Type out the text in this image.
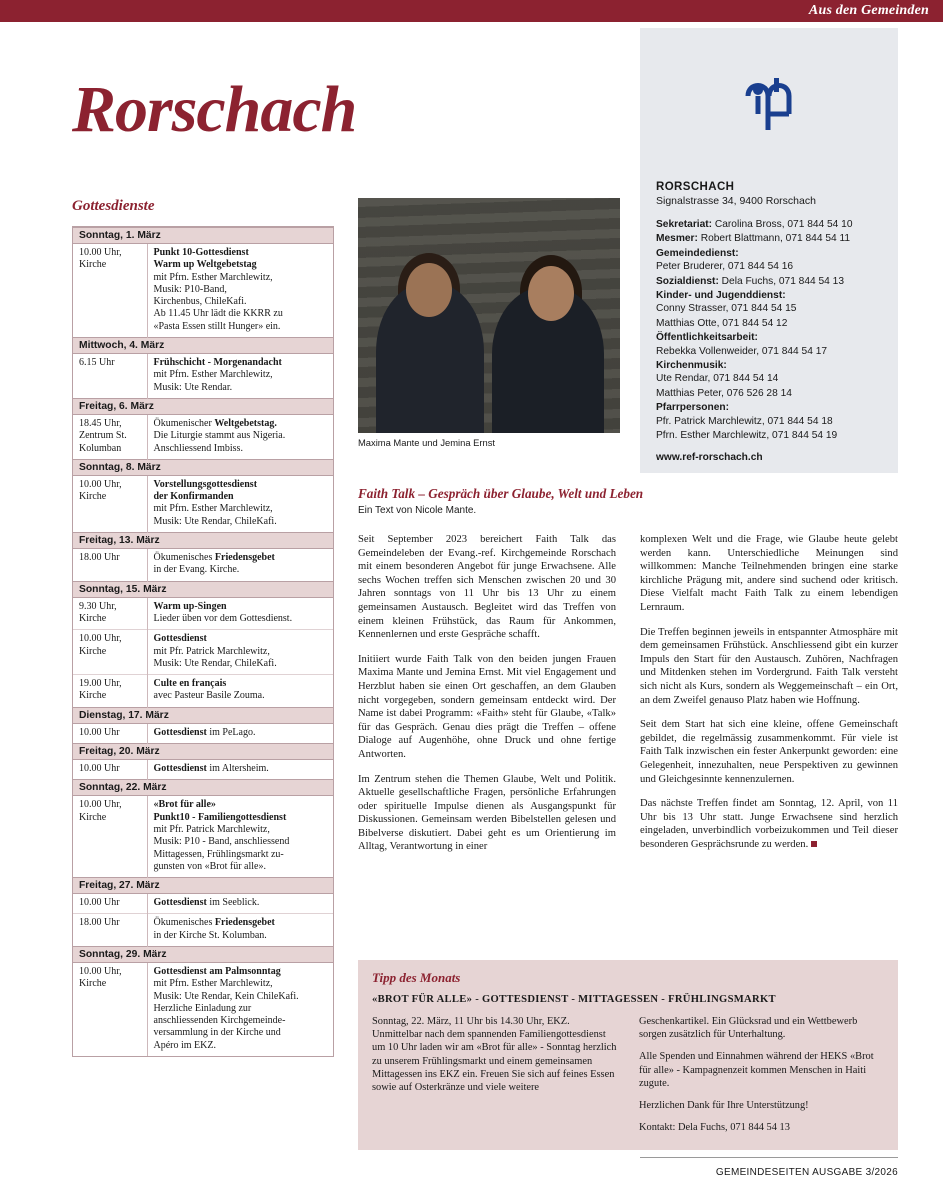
Aus den Gemeinden
Rorschach
RORSCHACH
Signalstrasse 34, 9400 Rorschach
Sekretariat: Carolina Bross, 071 844 54 10
Mesmer: Robert Blattmann, 071 844 54 11
Gemeindedienst:
Peter Bruderer, 071 844 54 16
Sozialdienst: Dela Fuchs, 071 844 54 13
Kinder- und Jugenddienst:
Conny Strasser, 071 844 54 15
Matthias Otte, 071 844 54 12
Öffentlichkeitsarbeit:
Rebekka Vollenweider, 071 844 54 17
Kirchenmusik:
Ute Rendar, 071 844 54 14
Matthias Peter, 076 526 28 14
Pfarrpersonen:
Pfr. Patrick Marchlewitz, 071 844 54 18
Pfrn. Esther Marchlewitz, 071 844 54 19
www.ref-rorschach.ch
Gottesdienste
Sonntag, 1. März	
10.00 Uhr,
Kirche	Punkt 10-Gottesdienst
Warm up Weltgebetstag
mit Pfrn. Esther Marchlewitz,
Musik: P10-Band,
Kirchenbus, ChileKafi.
Ab 11.45 Uhr lädt die KKRR zu
«Pasta Essen stillt Hunger» ein.
Mittwoch, 4. März	
6.15 Uhr	Frühschicht - Morgenandacht
mit Pfrn. Esther Marchlewitz,
Musik: Ute Rendar.
Freitag, 6. März	
18.45 Uhr,
Zentrum St.
Kolumban	Ökumenischer Weltgebetstag.
Die Liturgie stammt aus Nigeria.
Anschliessend Imbiss.
Sonntag, 8. März	
10.00 Uhr,
Kirche	Vorstellungsgottesdienst
der Konfirmanden
mit Pfrn. Esther Marchlewitz,
Musik: Ute Rendar, ChileKafi.
Freitag, 13. März	
18.00 Uhr	Ökumenisches Friedensgebet
in der Evang. Kirche.
Sonntag, 15. März	
9.30 Uhr,
Kirche	Warm up-Singen
Lieder üben vor dem Gottesdienst.
10.00 Uhr,
Kirche	Gottesdienst
mit Pfr. Patrick Marchlewitz,
Musik: Ute Rendar, ChileKafi.
19.00 Uhr,
Kirche	Culte en français
avec Pasteur Basile Zouma.
Dienstag, 17. März	
10.00 Uhr	Gottesdienst im PeLago.
Freitag, 20. März	
10.00 Uhr	Gottesdienst im Altersheim.
Sonntag, 22. März	
10.00 Uhr,
Kirche	«Brot für alle»
Punkt10 - Familiengottesdienst
mit Pfr. Patrick Marchlewitz,
Musik: P10 - Band, anschliessend
Mittagessen, Frühlingsmarkt zu-
gunsten von «Brot für alle».
Freitag, 27. März	
10.00 Uhr	Gottesdienst im Seeblick.
18.00 Uhr	Ökumenisches Friedensgebet
in der Kirche St. Kolumban.
Sonntag, 29. März	
10.00 Uhr,
Kirche	Gottesdienst am Palmsonntag
mit Pfrn. Esther Marchlewitz,
Musik: Ute Rendar, Kein ChileKafi.
Herzliche Einladung zur
anschliessenden Kirchgemeinde-
versammlung in der Kirche und
Apéro im EKZ.
Maxima Mante und Jemina Ernst
Faith Talk – Gespräch über Glaube, Welt und Leben
Ein Text von Nicole Mante.

Seit September 2023 bereichert Faith Talk das Gemeindeleben der Evang.-ref. Kirchgemeinde Rorschach mit einem besonderen Angebot für junge Erwachsene. Alle sechs Wochen treffen sich Menschen zwischen 20 und 30 Jahren sonntags von 11 Uhr bis 13 Uhr zu einem gemeinsamen Austausch. Begleitet wird das Treffen von einem kleinen Frühstück, das Raum für Ankommen, Kennenlernen und erste Gespräche schafft.

Initiiert wurde Faith Talk von den beiden jungen Frauen Maxima Mante und Jemina Ernst. Mit viel Engagement und Herzblut haben sie einen Ort geschaffen, an dem Glauben nicht vorgegeben, sondern gemeinsam entdeckt wird. Der Name ist dabei Programm: «Faith» steht für Glaube, «Talk» für das Gespräch. Genau dies prägt die Treffen – offene Dialoge auf Augenhöhe, ohne Druck und ohne fertige Antworten.

Im Zentrum stehen die Themen Glaube, Welt und Politik. Aktuelle gesellschaftliche Fragen, persönliche Erfahrungen oder spirituelle Impulse dienen als Ausgangspunkt für Diskussionen. Gemeinsam werden Bibelstellen gelesen und Bibelverse diskutiert. Dabei geht es um Orientierung im Alltag, Verantwortung in einer

komplexen Welt und die Frage, wie Glaube heute gelebt werden kann. Unterschiedliche Meinungen sind willkommen: Manche Teilnehmenden bringen eine starke kirchliche Prägung mit, andere sind suchend oder kritisch. Diese Vielfalt macht Faith Talk zu einem lebendigen Lernraum.

Die Treffen beginnen jeweils in entspannter Atmosphäre mit dem gemeinsamen Frühstück. Anschliessend gibt ein kurzer Impuls den Start für den Austausch. Zuhören, Nachfragen und Mitdenken stehen im Vordergrund. Faith Talk versteht sich nicht als Kurs, sondern als Weggemeinschaft – ein Ort, an dem Zweifel genauso Platz haben wie Hoffnung.

Seit dem Start hat sich eine kleine, offene Gemeinschaft gebildet, die regelmässig zusammenkommt. Für viele ist Faith Talk inzwischen ein fester Ankerpunkt geworden: eine Gelegenheit, innezuhalten, neue Perspektiven zu gewinnen und Gleichgesinnte kennenzulernen.

Das nächste Treffen findet am Sonntag, 12. April, von 11 Uhr bis 13 Uhr statt. Junge Erwachsene sind herzlich eingeladen, unverbindlich vorbeizukommen und Teil dieser besonderen Gesprächsrunde zu werden.

Tipp des Monats
«BROT FÜR ALLE» - GOTTESDIENST - MITTAGESSEN - FRÜHLINGSMARKT

Sonntag, 22. März, 11 Uhr bis 14.30 Uhr, EKZ. Unmittelbar nach dem spannenden Familiengottesdienst um 10 Uhr laden wir am «Brot für alle» - Sonntag herzlich zu unserem Frühlingsmarkt und einem gemeinsamen Mittagessen ins EKZ ein. Freuen Sie sich auf feines Essen sowie auf Osterkränze und viele weitere

Geschenkartikel. Ein Glücksrad und ein Wettbewerb sorgen zusätzlich für Unterhaltung.

Alle Spenden und Einnahmen während der HEKS «Brot für alle» - Kampagnenzeit kommen Menschen in Haiti zugute.

Herzlichen Dank für Ihre Unterstützung!

Kontakt: Dela Fuchs, 071 844 54 13

GEMEINDESEITEN AUSGABE 3/2026
